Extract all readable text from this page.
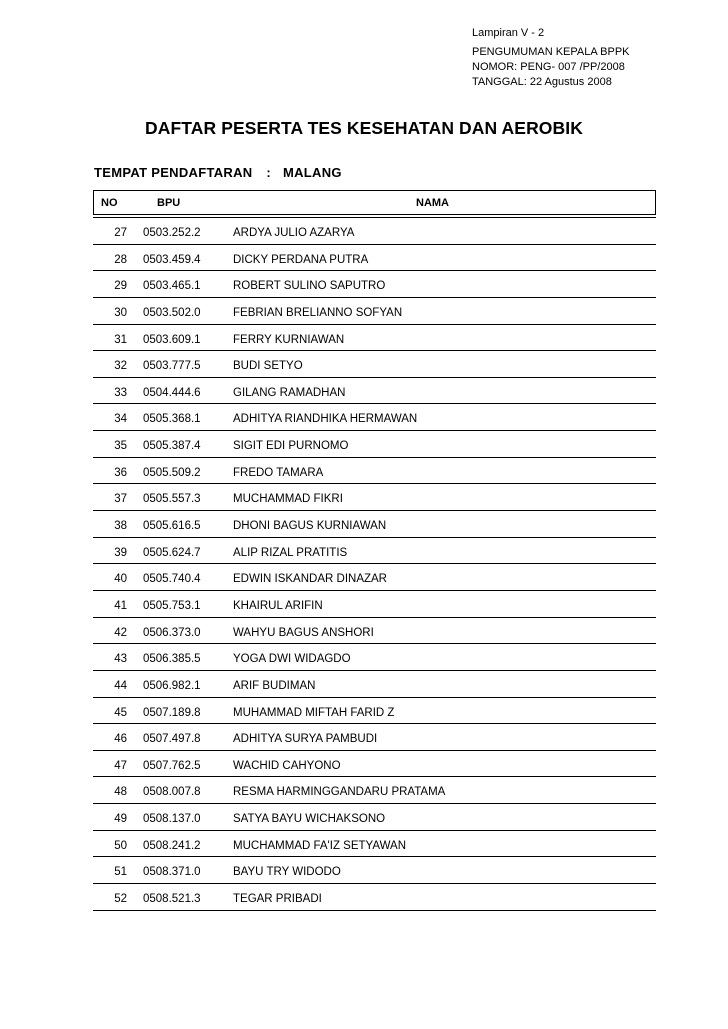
Lampiran V - 2
PENGUMUMAN KEPALA BPPK
NOMOR: PENG- 007 /PP/2008
TANGGAL: 22 Agustus 2008
DAFTAR PESERTA TES KESEHATAN DAN AEROBIK
TEMPAT PENDAFTARAN : MALANG
NO	BPU	NAMA
27 0503.252.2	ARDYA JULIO AZARYA
28 0503.459.4	DICKY PERDANA PUTRA
29 0503.465.1	ROBERT SULINO SAPUTRO
30 0503.502.0	FEBRIAN BRELIANNO SOFYAN
31 0503.609.1	FERRY KURNIAWAN
32 0503.777.5	BUDI SETYO
33 0504.444.6	GILANG RAMADHAN
34 0505.368.1	ADHITYA RIANDHIKA HERMAWAN
35 0505.387.4	SIGIT EDI PURNOMO
36 0505.509.2	FREDO TAMARA
37 0505.557.3	MUCHAMMAD FIKRI
38 0505.616.5	DHONI BAGUS KURNIAWAN
39 0505.624.7	ALIP RIZAL PRATITIS
40 0505.740.4	EDWIN ISKANDAR DINAZAR
41 0505.753.1	KHAIRUL ARIFIN
42 0506.373.0	WAHYU BAGUS ANSHORI
43 0506.385.5	YOGA DWI WIDAGDO
44 0506.982.1	ARIF BUDIMAN
45 0507.189.8	MUHAMMAD MIFTAH FARID Z
46 0507.497.8	ADHITYA SURYA PAMBUDI
47 0507.762.5	WACHID CAHYONO
48 0508.007.8	RESMA HARMINGGANDARU PRATAMA
49 0508.137.0	SATYA BAYU WICHAKSONO
50 0508.241.2	MUCHAMMAD FA'IZ SETYAWAN
51 0508.371.0	BAYU TRY WIDODO
52 0508.521.3	TEGAR PRIBADI
